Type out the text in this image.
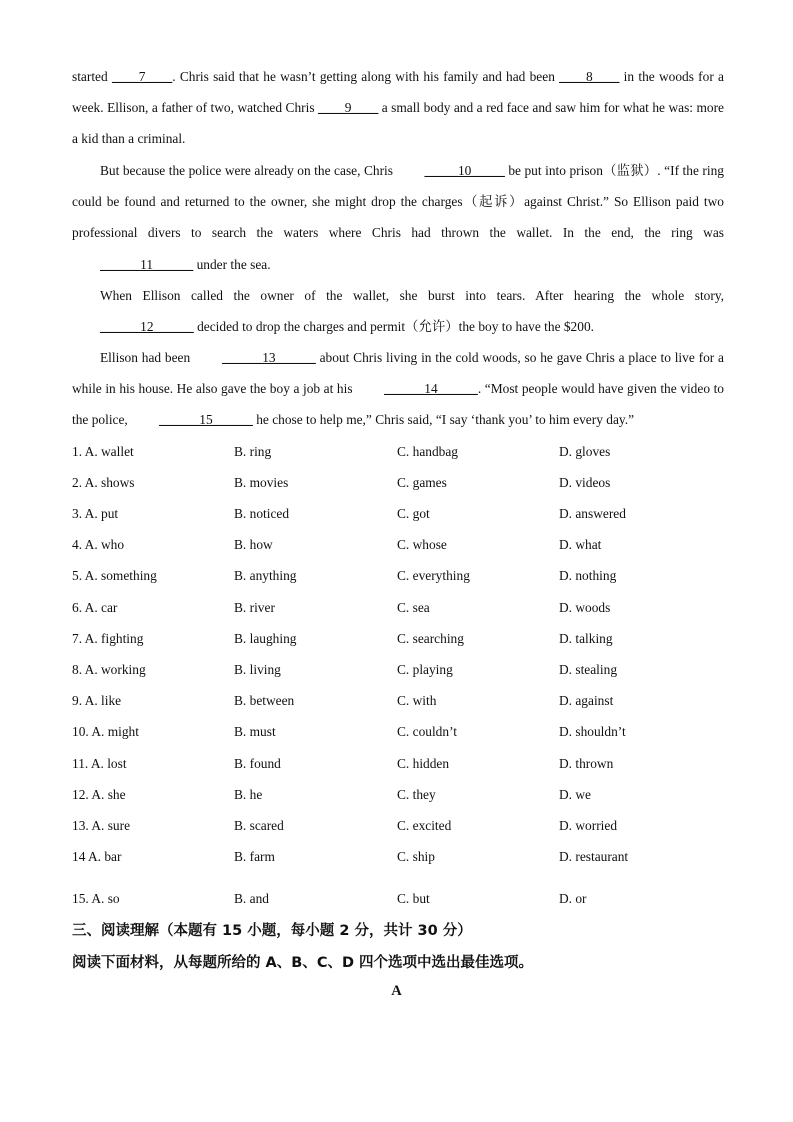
started ____7____. Chris said that he wasn’t getting along with his family and had been ____8____ in the woods for a week. Ellison, a father of two, watched Chris ____9____ a small body and a red face and saw him for what he was: more a kid than a criminal.

But because the police were already on the case, Chris _____10_____ be put into prison（监狱）. “If the ring could be found and returned to the owner, she might drop the charges（起诉）against Christ.” So Ellison paid two professional divers to search the waters where Chris had thrown the wallet. In the end, the ring was ______11______ under the sea.

When Ellison called the owner of the wallet, she burst into tears. After hearing the whole story, ______12______ decided to drop the charges and permit（允许）the boy to have the $200.

Ellison had been ______13______ about Chris living in the cold woods, so he gave Chris a place to live for a while in his house. He also gave the boy a job at his ______14______. “Most people would have given the video to the police, ______15______ he chose to help me,” Chris said, “I say ‘thank you’ to him every day.”

1. A. wallet	B. ring	C. handbag	D. gloves
2. A. shows	B. movies	C. games	D. videos
3. A. put	B. noticed	C. got	D. answered
4. A. who	B. how	C. whose	D. what
5. A. something	B. anything	C. everything	D. nothing
6. A. car	B. river	C. sea	D. woods
7. A. fighting	B. laughing	C. searching	D. talking
8. A. working	B. living	C. playing	D. stealing
9. A. like	B. between	C. with	D. against
10. A. might	B. must	C. couldn’t	D. shouldn’t
11. A. lost	B. found	C. hidden	D. thrown
12. A. she	B. he	C. they	D. we
13. A. sure	B. scared	C. excited	D. worried
14 A. bar	B. farm	C. ship	D. restaurant
15. A. so	B. and	C. but	D. or
三、阅读理解（本题有 15 小题，每小题 2 分，共计 30 分）
阅读下面材料，从每题所给的 A、B、C、D 四个选项中选出最佳选项。
A
